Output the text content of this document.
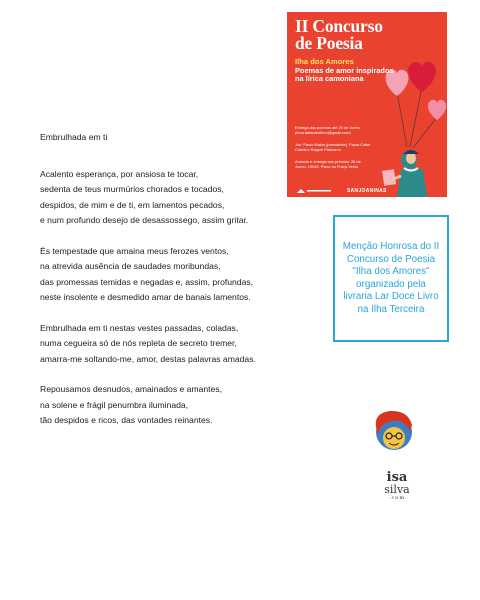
Embrulhada em ti
Acalento esperança, por ansiosa te tocar,
sedenta de teus murmúrios chorados e tocados,
despidos, de mim e de ti, em lamentos pecados,
e num profundo desejo de desassossego, assim gritar.
És tempestade que amaina meus ferozes ventos,
na atrevida ausência de saudades moribundas,
das promessas temidas e negadas e, assim, profundas,
neste insolente e desmedido amar de banais lamentos.
Embrulhada em ti nestas vestes passadas, coladas,
numa cegueira só de nós repleta de secreto tremer,
amarra-me soltando-me, amor, destas palavras amadas.
Repousamos desnudos, amainados e amantes,
na solene e frágil penumbra iluminada,
tão despidos e ricos, das vontades reinantes.
II Concurso
de Poesia
Ilha dos Amores
Poemas de amor inspirados na lírica camoniana
Entrega dos poemas até 20 de Junho (livrarialarodcelivro@gmail.com)
Júri: Paulo Matos (presidente), Paula Cotter Cabral e Raquel Patinarca
Anúncio e entrega dos prémios: 28 de Junho, 19h45, Palco da Praça Velha
SANJOANINAS
Menção Honrosa do II Concurso de Poesia "Ilha dos Amores" organizado pela livraria Lar Doce Livro na Ilha Terceira
isa
silva
.com
